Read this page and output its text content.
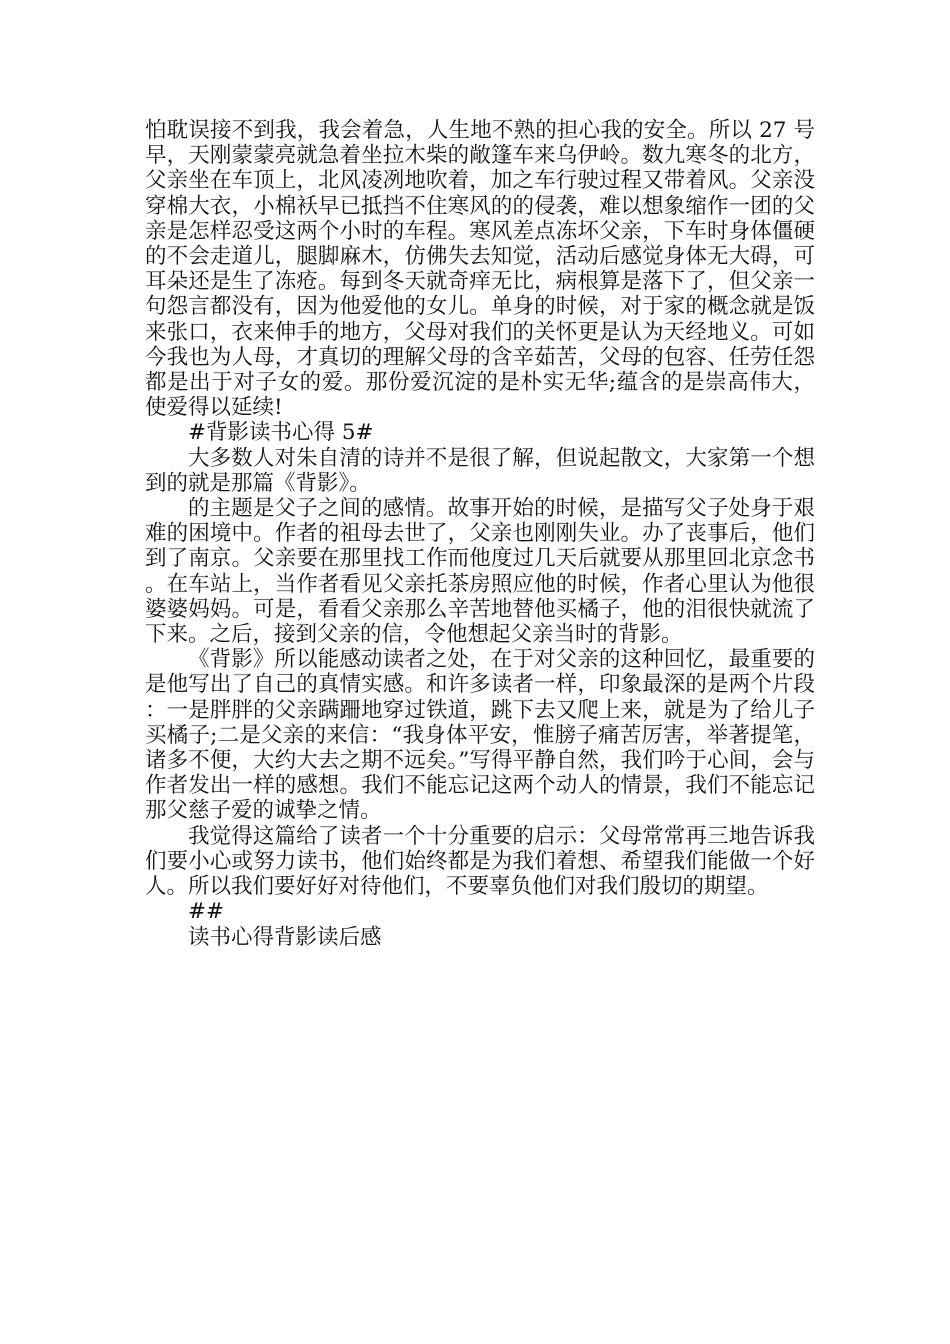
怕耽误接不到我，我会着急，人生地不熟的担心我的安全。所以 27 号早，天刚蒙蒙亮就急着坐拉木柴的敞篷车来乌伊岭。数九寒冬的北方，父亲坐在车顶上，北风凌冽地吹着，加之车行驶过程又带着风。父亲没穿棉大衣，小棉袄早已抵挡不住寒风的的侵袭，难以想象缩作一团的父亲是怎样忍受这两个小时的车程。寒风差点冻坏父亲，下车时身体僵硬的不会走道儿，腿脚麻木，仿佛失去知觉，活动后感觉身体无大碍，可耳朵还是生了冻疮。每到冬天就奇痒无比，病根算是落下了，但父亲一句怨言都没有，因为他爱他的女儿。单身的时候，对于家的概念就是饭来张口，衣来伸手的地方，父母对我们的关怀更是认为天经地义。可如今我也为人母，才真切的理解父母的含辛茹苦，父母的包容、任劳任怨都是出于对子女的爱。那份爱沉淀的是朴实无华;蕴含的是崇高伟大，使爱得以延续!

#背影读书心得 5#

大多数人对朱自清的诗并不是很了解，但说起散文，大家第一个想到的就是那篇《背影》。

的主题是父子之间的感情。故事开始的时候，是描写父子处身于艰难的困境中。作者的祖母去世了，父亲也刚刚失业。办了丧事后，他们到了南京。父亲要在那里找工作而他度过几天后就要从那里回北京念书。在车站上，当作者看见父亲托茶房照应他的时候，作者心里认为他很婆婆妈妈。可是，看看父亲那么辛苦地替他买橘子，他的泪很快就流了下来。之后，接到父亲的信，令他想起父亲当时的背影。

《背影》所以能感动读者之处，在于对父亲的这种回忆，最重要的是他写出了自己的真情实感。和许多读者一样，印象最深的是两个片段：一是胖胖的父亲蹒跚地穿过铁道，跳下去又爬上来，就是为了给儿子买橘子;二是父亲的来信：“我身体平安，惟膀子痛苦厉害，举著提笔，诸多不便，大约大去之期不远矣。”写得平静自然，我们吟于心间，会与作者发出一样的感想。我们不能忘记这两个动人的情景，我们不能忘记那父慈子爱的诚挚之情。

我觉得这篇给了读者一个十分重要的启示：父母常常再三地告诉我们要小心或努力读书，他们始终都是为我们着想、希望我们能做一个好人。所以我们要好好对待他们，不要辜负他们对我们殷切的期望。

##

读书心得背影读后感
